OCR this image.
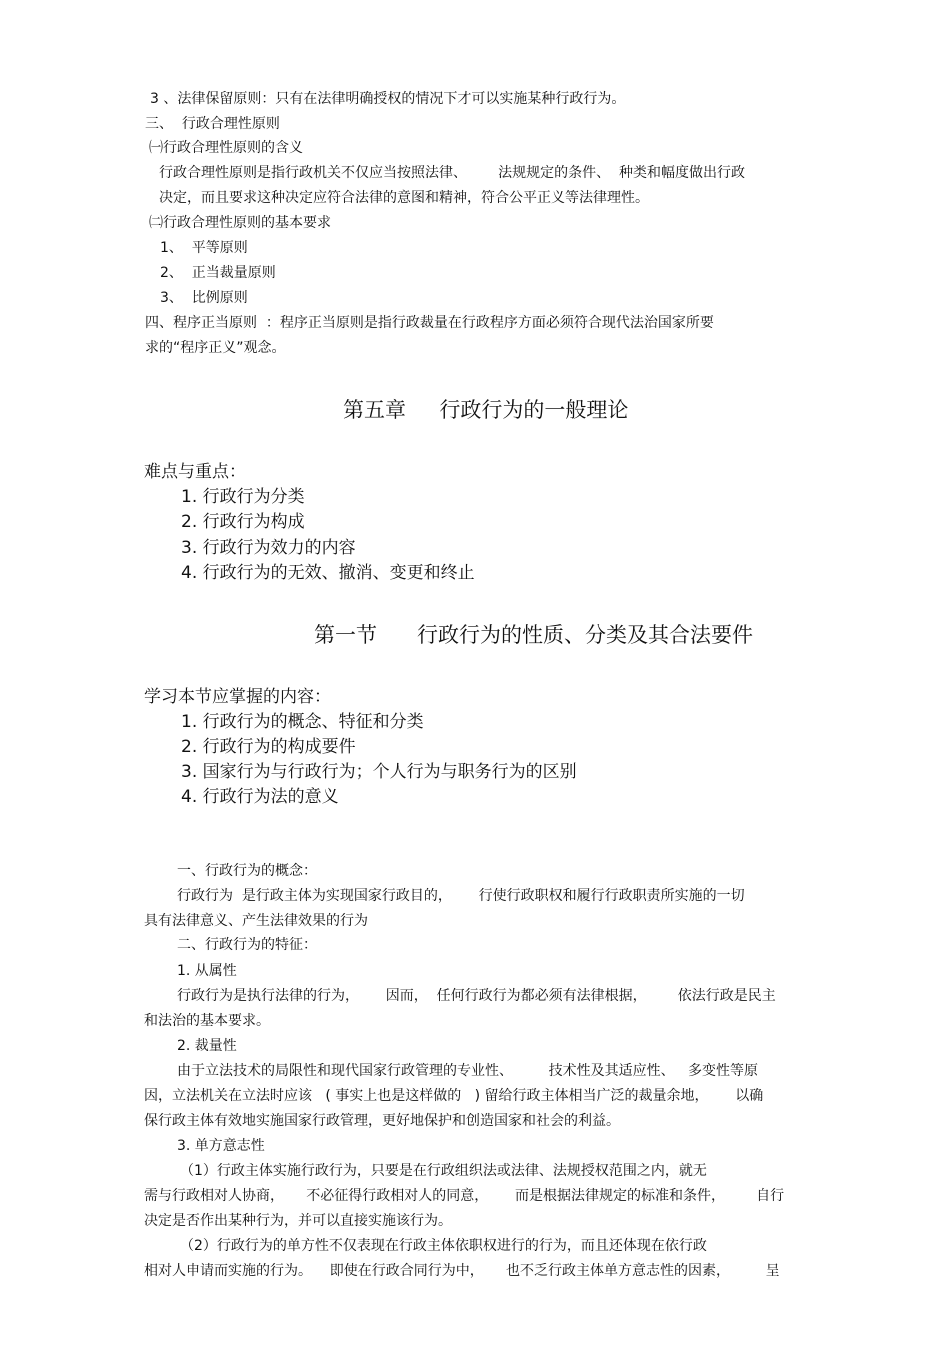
3 、法律保留原则：只有在法律明确授权的情况下才可以实施某种行政行为。
三、  行政合理性原则
㈠行政合理性原则的含义
行政合理性原则是指行政机关不仅应当按照法律、       法规规定的条件、  种类和幅度做出行政
决定，而且要求这种决定应符合法律的意图和精神，符合公平正义等法律理性。
㈡行政合理性原则的基本要求
1、  平等原则
2、  正当裁量原则
3、  比例原则
四、程序正当原则  ：程序正当原则是指行政裁量在行政程序方面必须符合现代法治国家所要
求的“程序正义”观念。
第五章     行政行为的一般理论
难点与重点：
1. 行政行为分类
2. 行政行为构成
3. 行政行为效力的内容
4. 行政行为的无效、撤消、变更和终止
第一节      行政行为的性质、分类及其合法要件
学习本节应掌握的内容：
1. 行政行为的概念、特征和分类
2. 行政行为的构成要件
3. 国家行为与行政行为；个人行为与职务行为的区别
4. 行政行为法的意义
一、行政行为的概念：
行政行为  是行政主体为实现国家行政目的，      行使行政职权和履行行政职责所实施的一切
具有法律意义、产生法律效果的行为
二、行政行为的特征：
1. 从属性
行政行为是执行法律的行为，      因而，  任何行政行为都必须有法律根据，       依法行政是民主
和法治的基本要求。
2. 裁量性
由于立法技术的局限性和现代国家行政管理的专业性、        技术性及其适应性、   多变性等原
因，立法机关在立法时应该   ( 事实上也是这样做的   ) 留给行政主体相当广泛的裁量余地，      以确
保行政主体有效地实施国家行政管理，更好地保护和创造国家和社会的利益。
3. 单方意志性
（1）行政主体实施行政行为，只要是在行政组织法或法律、法规授权范围之内，就无
需与行政相对人协商，     不必征得行政相对人的同意，      而是根据法律规定的标准和条件，       自行
决定是否作出某种行为，并可以直接实施该行为。
（2）行政行为的单方性不仅表现在行政主体依职权进行的行为，而且还体现在依行政
相对人申请而实施的行为。    即使在行政合同行为中，     也不乏行政主体单方意志性的因素，        呈
